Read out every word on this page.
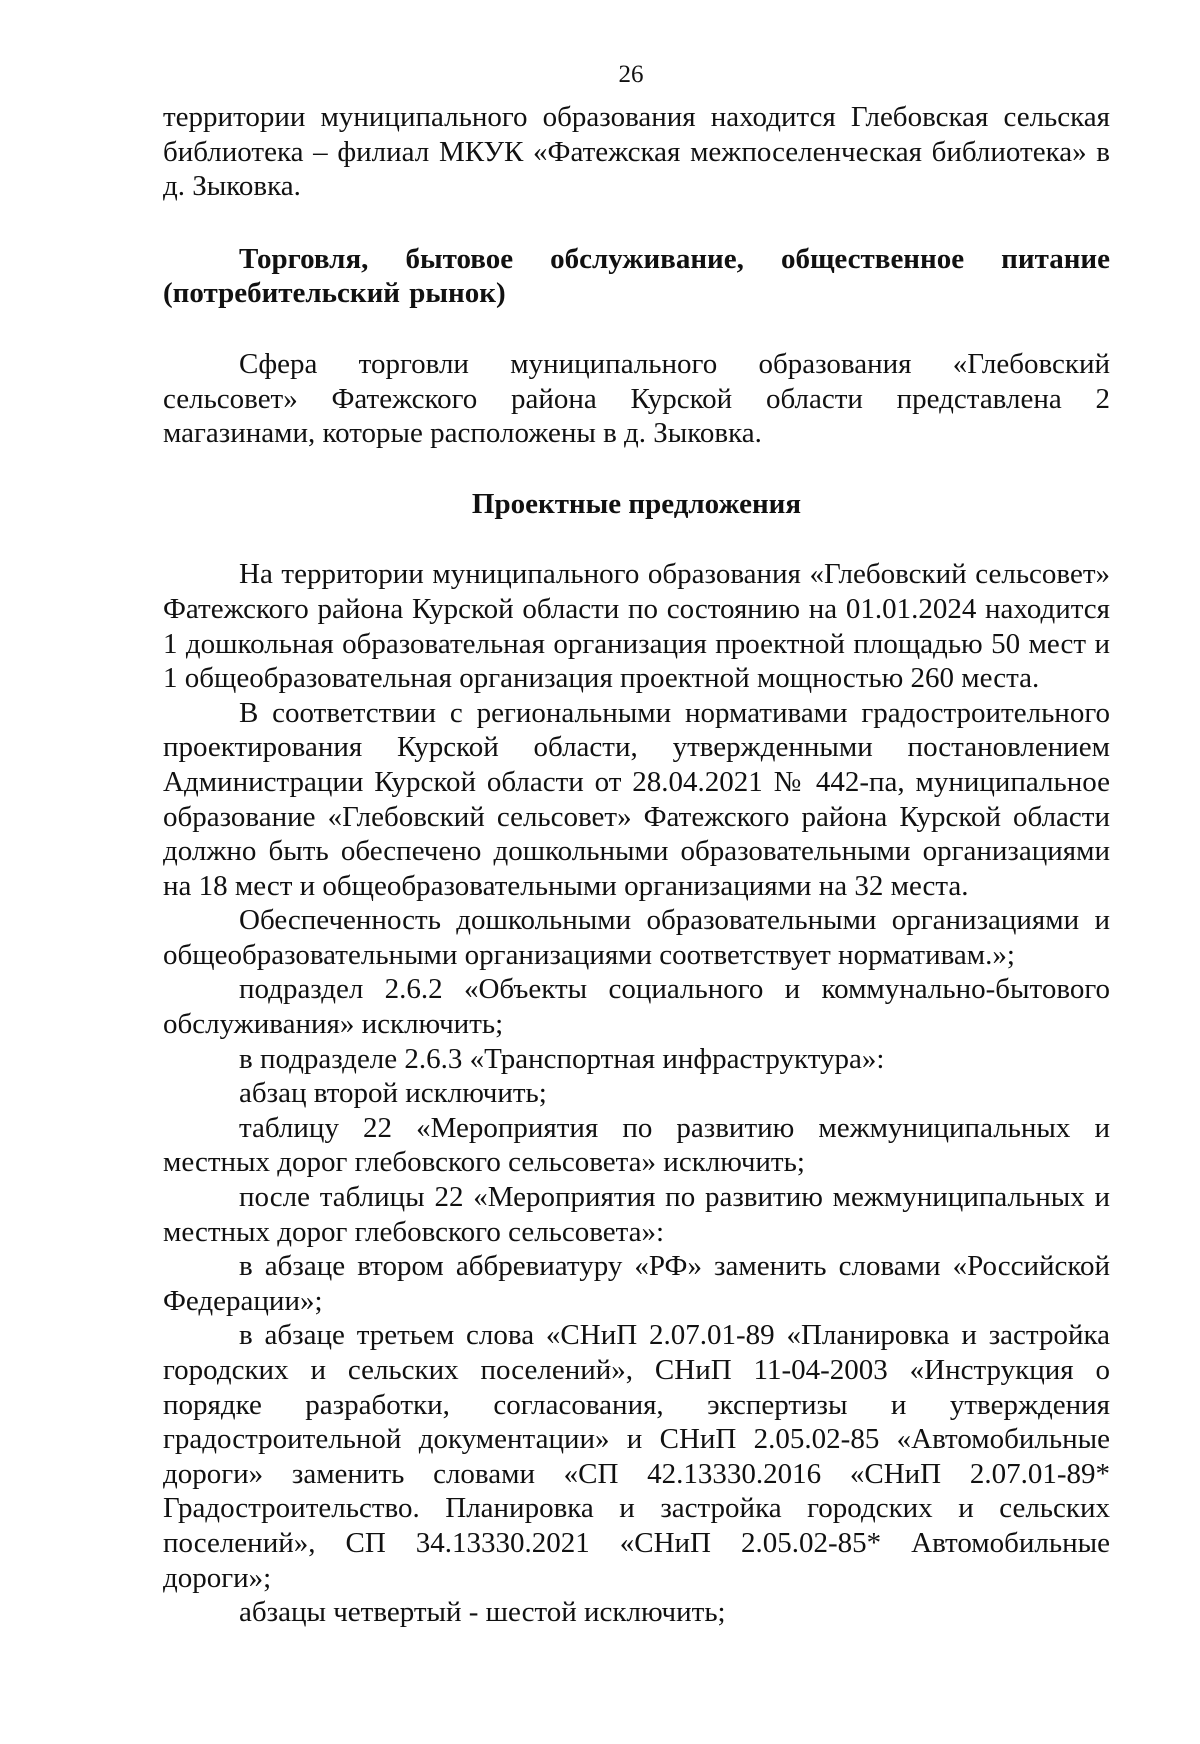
26

территории муниципального образования находится Глебовская сельская библиотека – филиал МКУК «Фатежская межпоселенческая библиотека» в д. Зыковка.

Торговля, бытовое обслуживание, общественное питание (потребительский рынок)

Сфера торговли муниципального образования «Глебовский сельсовет» Фатежского района Курской области представлена 2 магазинами, которые расположены в д. Зыковка.

Проектные предложения

На территории муниципального образования «Глебовский сельсовет» Фатежского района Курской области по состоянию на 01.01.2024 находится 1 дошкольная образовательная организация проектной площадью 50 мест и 1 общеобразовательная организация проектной мощностью 260 места.

В соответствии с региональными нормативами градостроительного проектирования Курской области, утвержденными постановлением Администрации Курской области от 28.04.2021 № 442-па, муниципальное образование «Глебовский сельсовет» Фатежского района Курской области должно быть обеспечено дошкольными образовательными организациями на 18 мест и общеобразовательными организациями на 32 места.

Обеспеченность дошкольными образовательными организациями и общеобразовательными организациями соответствует нормативам.»;

подраздел 2.6.2 «Объекты социального и коммунально-бытового обслуживания» исключить;

в подразделе 2.6.3 «Транспортная инфраструктура»:

абзац второй исключить;

таблицу 22 «Мероприятия по развитию межмуниципальных и местных дорог глебовского сельсовета» исключить;

после таблицы 22 «Мероприятия по развитию межмуниципальных и местных дорог глебовского сельсовета»:

в абзаце втором аббревиатуру «РФ» заменить словами «Российской Федерации»;

в абзаце третьем слова «СНиП 2.07.01-89 «Планировка и застройка городских и сельских поселений», СНиП 11-04-2003 «Инструкция о порядке разработки, согласования, экспертизы и утверждения градостроительной документации» и СНиП 2.05.02-85 «Автомобильные дороги» заменить словами «СП 42.13330.2016 «СНиП 2.07.01-89* Градостроительство. Планировка и застройка городских и сельских поселений», СП 34.13330.2021 «СНиП 2.05.02-85* Автомобильные дороги»;

абзацы четвертый - шестой исключить;
